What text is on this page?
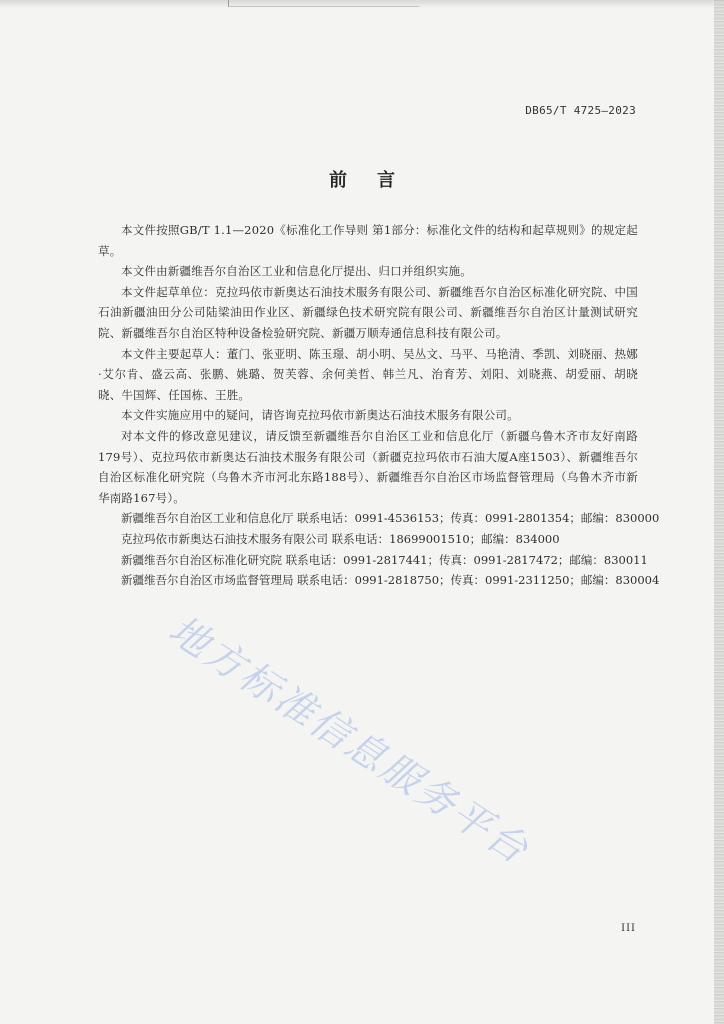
DB65/T 4725—2023
前言

本文件按照GB/T 1.1—2020《标准化工作导则 第1部分：标准化文件的结构和起草规则》的规定起草。

本文件由新疆维吾尔自治区工业和信息化厅提出、归口并组织实施。

本文件起草单位：克拉玛依市新奥达石油技术服务有限公司、新疆维吾尔自治区标准化研究院、中国石油新疆油田分公司陆梁油田作业区、新疆绿色技术研究院有限公司、新疆维吾尔自治区计量测试研究院、新疆维吾尔自治区特种设备检验研究院、新疆万顺寿通信息科技有限公司。

本文件主要起草人：董门、张亚明、陈玉璟、胡小明、吴丛文、马平、马艳清、季凯、刘晓丽、热娜·艾尔肯、盛云高、张鹏、姚璐、贺芙蓉、余何美哲、韩兰凡、治育芳、刘阳、刘晓燕、胡爱丽、胡晓晓、牛国辉、任国栋、王胜。

本文件实施应用中的疑问，请咨询克拉玛依市新奥达石油技术服务有限公司。

对本文件的修改意见建议，请反馈至新疆维吾尔自治区工业和信息化厅（新疆乌鲁木齐市友好南路179号）、克拉玛依市新奥达石油技术服务有限公司（新疆克拉玛依市石油大厦A座1503）、新疆维吾尔自治区标准化研究院（乌鲁木齐市河北东路188号）、新疆维吾尔自治区市场监督管理局（乌鲁木齐市新华南路167号）。

新疆维吾尔自治区工业和信息化厅 联系电话：0991-4536153；传真：0991-2801354；邮编：830000

克拉玛依市新奥达石油技术服务有限公司 联系电话：18699001510；邮编：834000

新疆维吾尔自治区标准化研究院 联系电话：0991-2817441；传真：0991-2817472；邮编：830011

新疆维吾尔自治区市场监督管理局 联系电话：0991-2818750；传真：0991-2311250；邮编：830004

地方标准信息服务平台
III
